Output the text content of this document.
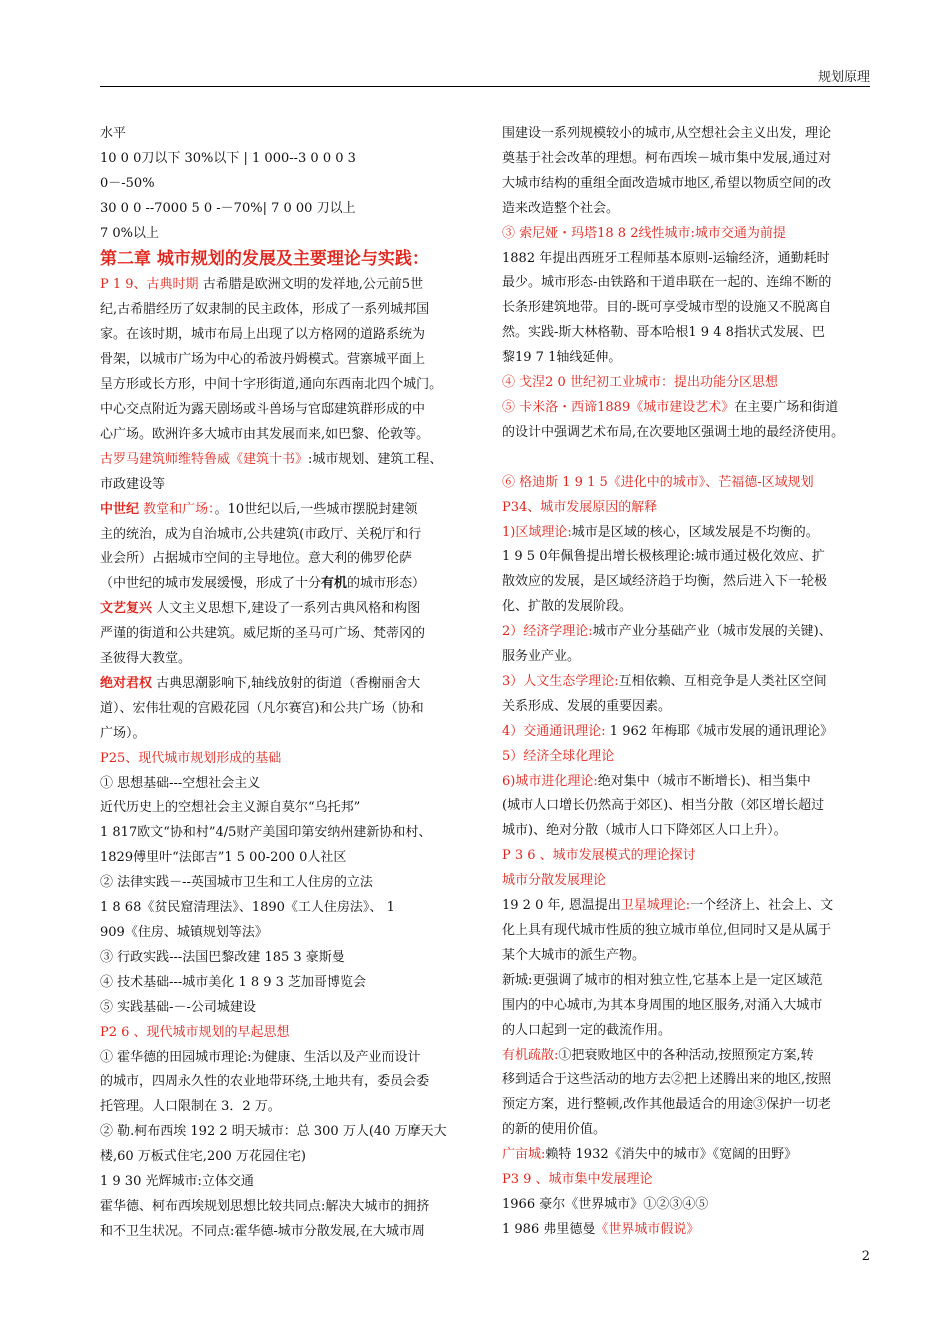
规划原理
水平
10 0 0刀以下 30%以下 | 1 000--3 0 0 0 3
0－-50%
30 0 0 --7000 5 0 -－70%| 7 0 00 刀以上
7 0%以上
第二章 城市规划的发展及主要理论与实践：
P 1 9、古典时期 古希腊是欧洲文明的发祥地,公元前5世
纪,古希腊经历了奴隶制的民主政体，形成了一系列城邦国
家。在该时期，城市布局上出现了以方格网的道路系统为
骨架，以城市广场为中心的希波丹姆模式。营寨城平面上
呈方形或长方形，中间十字形街道,通向东西南北四个城门。
中心交点附近为露天剧场或斗兽场与官邸建筑群形成的中
心广场。欧洲许多大城市由其发展而来,如巴黎、伦敦等。
古罗马建筑师维特鲁威《建筑十书》:城市规划、建筑工程、
市政建设等
中世纪 教堂和广场：。10世纪以后,一些城市摆脱封建领
主的统治，成为自治城市,公共建筑(市政厅、关税厅和行
业会所）占据城市空间的主导地位。意大利的佛罗伦萨
（中世纪的城市发展缓慢，形成了十分有机的城市形态）
文艺复兴 人文主义思想下,建设了一系列古典风格和构图
严谨的街道和公共建筑。威尼斯的圣马可广场、梵蒂冈的
圣彼得大教堂。
绝对君权 古典思潮影响下,轴线放射的街道（香榭丽舍大
道）、宏伟壮观的宫殿花园（凡尔赛宫)和公共广场（协和
广场）。
P25、现代城市规划形成的基础
① 思想基础---空想社会主义
近代历史上的空想社会主义源自莫尔“乌托邦”
1 817欧文“协和村”4/5财产美国印第安纳州建新协和村、
1829傅里叶“法郎吉”1 5 00-200 0人社区
② 法律实践－--英国城市卫生和工人住房的立法
1 8 68《贫民窟清理法》、1890《工人住房法》、 1
909《住房、城镇规划等法》
③ 行政实践---法国巴黎改建 185 3 豪斯曼
④ 技术基础---城市美化 1 8 9 3 芝加哥博览会
⑤ 实践基础-－-公司城建设
P2 6 、现代城市规划的早起思想
① 霍华德的田园城市理论:为健康、生活以及产业而设计
的城市，四周永久性的农业地带环绕,土地共有，委员会委
托管理。人口限制在 3．2 万。
② 勒.柯布西埃 192 2 明天城市：总 300 万人(40 万摩天大
楼,60 万板式住宅,200 万花园住宅)
1 9 30 光辉城市:立体交通
霍华德、柯布西埃规划思想比较共同点:解决大城市的拥挤
和不卫生状况。不同点:霍华德-城市分散发展,在大城市周
围建设一系列规模较小的城市,从空想社会主义出发，理论
奠基于社会改革的理想。柯布西埃－城市集中发展,通过对
大城市结构的重组全面改造城市地区,希望以物质空间的改
造来改造整个社会。
③ 索尼娅・玛塔18 8 2线性城市:城市交通为前提
1882 年提出西班牙工程师基本原则-运输经济，通勤耗时
最少。城市形态-由铁路和干道串联在一起的、连绵不断的
长条形建筑地带。目的-既可享受城市型的设施又不脱离自
然。实践-斯大林格勒、哥本哈根1 9 4 8指状式发展、巴
黎19 7 1轴线延伸。
④ 戈涅2 0 世纪初工业城市：提出功能分区思想
⑤ 卡米洛・西谛1889《城市建设艺术》在主要广场和街道
的设计中强调艺术布局,在次要地区强调土地的最经济使用。

⑥ 格迪斯 1 9 1 5《进化中的城市》、芒福德-区域规划
P34、城市发展原因的解释
1)区域理论:城市是区域的核心，区域发展是不均衡的。
1 9 5 0年佩鲁提出增长极核理论:城市通过极化效应、扩
散效应的发展，是区域经济趋于均衡，然后进入下一轮极
化、扩散的发展阶段。
2）经济学理论:城市产业分基础产业（城市发展的关键)、
服务业产业。
3）人文生态学理论:互相依赖、互相竞争是人类社区空间
关系形成、发展的重要因素。
4）交通通讯理论: 1 962 年梅耶《城市发展的通讯理论》
5）经济全球化理论
6)城市进化理论:绝对集中（城市不断增长)、相当集中
(城市人口增长仍然高于郊区)、相当分散（郊区增长超过
城市)、绝对分散（城市人口下降郊区人口上升）。
P 3 6 、城市发展模式的理论探讨
城市分散发展理论
19 2 0 年, 恩温提出卫星城理论:一个经济上、社会上、文
化上具有现代城市性质的独立城市单位,但同时又是从属于
某个大城市的派生产物。
新城:更强调了城市的相对独立性,它基本上是一定区域范
围内的中心城市,为其本身周围的地区服务,对涌入大城市
的人口起到一定的截流作用。
有机疏散:①把衰败地区中的各种活动,按照预定方案,转
移到适合于这些活动的地方去②把上述腾出来的地区,按照
预定方案，进行整顿,改作其他最适合的用途③保护一切老
的新的使用价值。
广亩城:赖特 1932《消失中的城市》《宽阔的田野》
P3 9 、城市集中发展理论
1966 豪尔《世界城市》①②③④⑤
1 986 弗里德曼《世界城市假说》
2
